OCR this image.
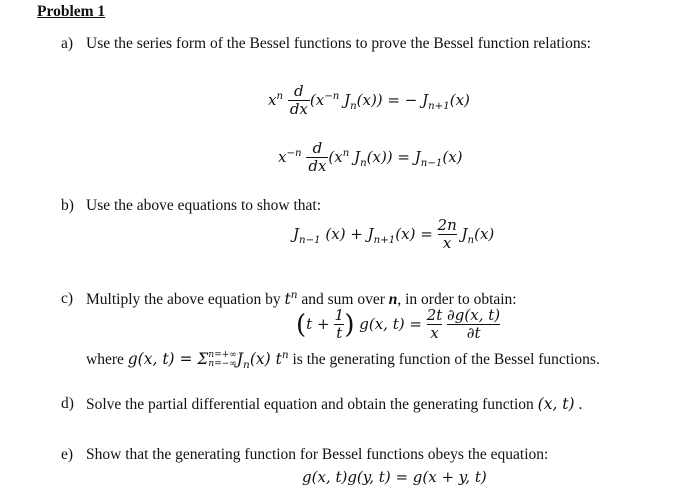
Problem 1
a) Use the series form of the Bessel functions to prove the Bessel function relations:
$x^n \frac{d}{dx} (x^{-n}$ $J_n(x)$) = − $J_{n+1}(x)$
$x^{-n} \frac{d}{dx} (x^n$ $J_n(x)) = J_{n-1}(x)$
b) Use the above equations to show that:
$J_{n-1}$ $(x) + J_{n+1}(x) = \frac{2n}{x} J_n(x)$
c) Multiply the above equation by $t^n$ and sum over n, in order to obtain:
($t + \frac{1}{t}$ ) g(x, $t) = \frac{2t}{x}$
$\frac{\partial g(x, t)}{\partial t}$
where g(x, t) = Σ n=+∞
n=−∞ $J_n(x)$ $t^n$ is the generating function of the Bessel functions.
d) Solve the partial differential equation and obtain the generating function (x, t) .
e) Show that the generating function for Bessel functions obeys the equation:
g(x, t)g(y, t) = g(x + y, t)
